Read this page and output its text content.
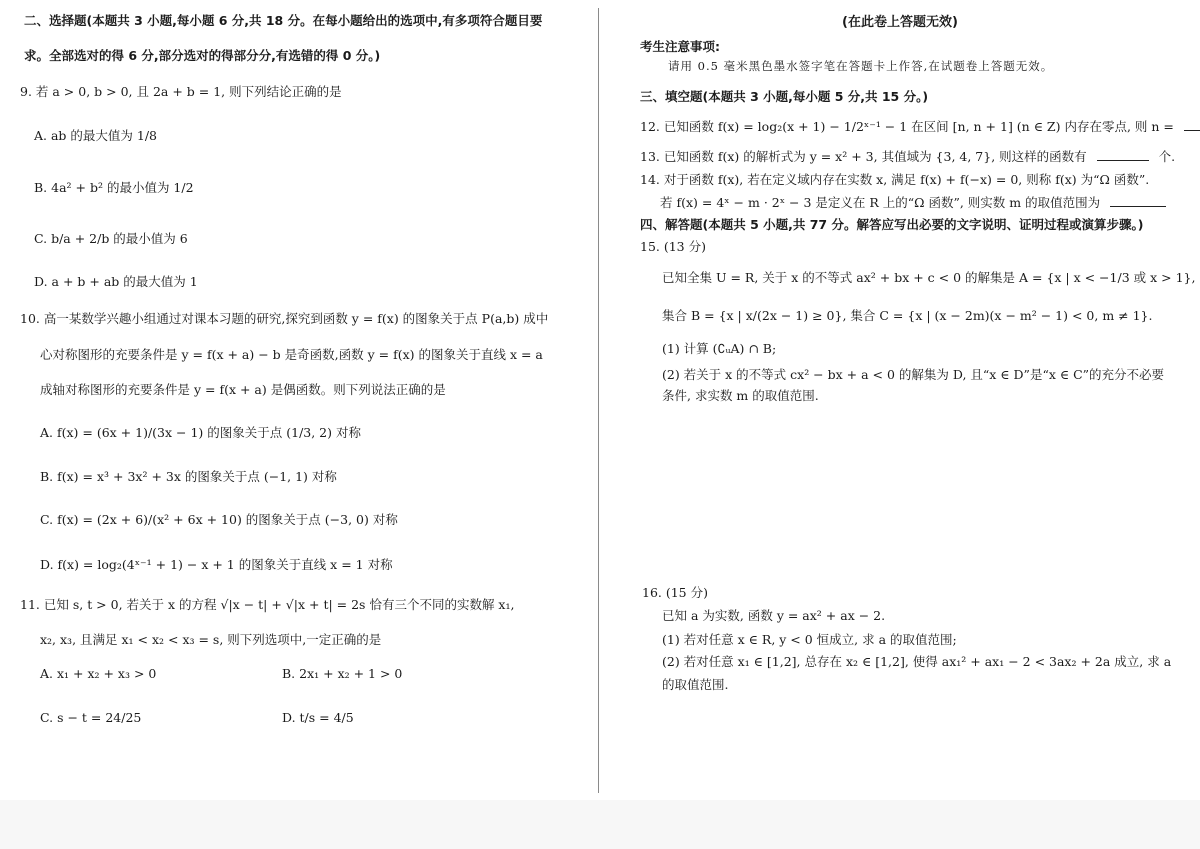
二、选择题(本题共 3 小题,每小题 6 分,共 18 分。在每小题给出的选项中,有多项符合题目要
求。全部选对的得 6 分,部分选对的得部分分,有选错的得 0 分。)
9. 若 a > 0, b > 0, 且 2a + b = 1, 则下列结论正确的是
A. ab 的最大值为 1/8
B. 4a² + b² 的最小值为 1/2
C. b/a + 2/b 的最小值为 6
D. a + b + ab 的最大值为 1
10. 高一某数学兴趣小组通过对课本习题的研究,探究到函数 y = f(x) 的图象关于点 P(a,b) 成中
心对称图形的充要条件是 y = f(x + a) − b 是奇函数,函数 y = f(x) 的图象关于直线 x = a
成轴对称图形的充要条件是 y = f(x + a) 是偶函数。则下列说法正确的是
A. f(x) = (6x + 1)/(3x − 1) 的图象关于点 (1/3, 2) 对称
B. f(x) = x³ + 3x² + 3x 的图象关于点 (−1, 1) 对称
C. f(x) = (2x + 6)/(x² + 6x + 10) 的图象关于点 (−3, 0) 对称
D. f(x) = log₂(4ˣ⁻¹ + 1) − x + 1 的图象关于直线 x = 1 对称
11. 已知 s, t > 0, 若关于 x 的方程 √|x − t| + √|x + t| = 2s 恰有三个不同的实数解 x₁,
x₂, x₃, 且满足 x₁ < x₂ < x₃ = s, 则下列选项中,一定正确的是
A. x₁ + x₂ + x₃ > 0	B. 2x₁ + x₂ + 1 > 0
C. s − t = 24/25	D. t/s = 4/5
(在此卷上答题无效)
考生注意事项:
请用 0.5 毫米黑色墨水签字笔在答题卡上作答,在试题卷上答题无效。
三、填空题(本题共 3 小题,每小题 5 分,共 15 分。)
12. 已知函数 f(x) = log₂(x + 1) − 1/2ˣ⁻¹ − 1 在区间 [n, n + 1] (n ∈ Z) 内存在零点, 则 n =
13. 已知函数 f(x) 的解析式为 y = x² + 3, 其值域为 {3, 4, 7}, 则这样的函数有	个.
14. 对于函数 f(x), 若在定义域内存在实数 x, 满足 f(x) + f(−x) = 0, 则称 f(x) 为“Ω 函数”.
若 f(x) = 4ˣ − m · 2ˣ − 3 是定义在 R 上的“Ω 函数”, 则实数 m 的取值范围为
四、解答题(本题共 5 小题,共 77 分。解答应写出必要的文字说明、证明过程或演算步骤。)
15. (13 分)
已知全集 U = R, 关于 x 的不等式 ax² + bx + c < 0 的解集是 A = {x | x < −1/3 或 x > 1},
集合 B = {x | x/(2x − 1) ≥ 0}, 集合 C = {x | (x − 2m)(x − m² − 1) < 0, m ≠ 1}.
(1) 计算 (∁ᵤA) ∩ B;
(2) 若关于 x 的不等式 cx² − bx + a < 0 的解集为 D, 且“x ∈ D”是“x ∈ C”的充分不必要
条件, 求实数 m 的取值范围.
16. (15 分)
已知 a 为实数, 函数 y = ax² + ax − 2.
(1) 若对任意 x ∈ R, y < 0 恒成立, 求 a 的取值范围;
(2) 若对任意 x₁ ∈ [1,2], 总存在 x₂ ∈ [1,2], 使得 ax₁² + ax₁ − 2 < 3ax₂ + 2a 成立, 求 a
的取值范围.
